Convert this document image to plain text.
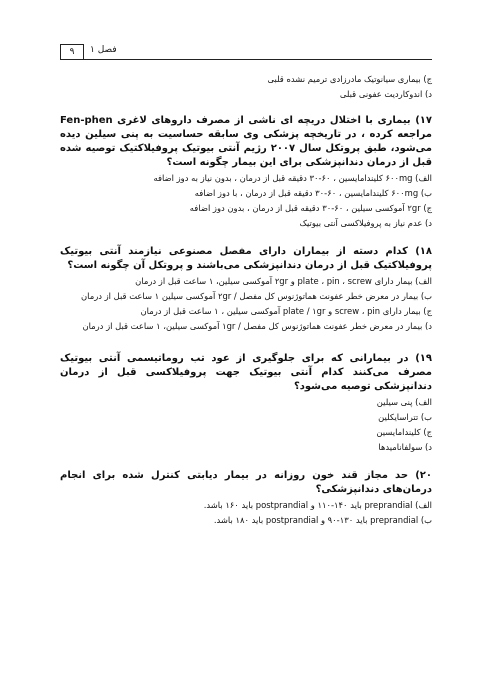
۹	فصل ۱
ج) بیماری سیانوتیک مادرزادی ترمیم نشده قلبی
د) اندوکاردیت عفونی قبلی
۱۷) بیماری با اختلال دریچه ای ناشی از مصرف داروهای لاغری Fen-phen مراجعه کرده ، در تاریخچه پزشکی وی سابقه حساسیت به پنی سیلین دیده می‌شود، طبق پروتکل سال ۲۰۰۷ رژیم آنتی بیوتیک پروفیلاکتیک توصیه شده قبل از درمان دندانپزشکی برای این بیمار چگونه است؟
الف) ۶۰۰mg کلیندامایسین ، ۶۰-۳۰ دقیقه قبل از درمان ، بدون نیاز به دوز اضافه
ب) ۶۰۰mg کلیندامایسین ، ۶۰-۳۰ دقیقه قبل از درمان ، با دوز اضافه
ج) ۲gr آموکسی سیلین ، ۶۰-۳۰ دقیقه قبل از درمان ، بدون دوز اضافه
د) عدم نیاز به پروفیلاکسی آنتی بیوتیک
۱۸) کدام دسته از بیماران دارای مفصل مصنوعی نیازمند آنتی بیوتیک پروفیلاکتیک قبل از درمان دندانپزشکی می‌باشند و پروتکل آن چگونه است؟
الف) بیمار دارای plate ، pin ، screw و ۲gr آموکسی سیلین، ۱ ساعت قبل از درمان
ب) بیمار در معرض خطر عفونت هماتوژنوس کل مفصل / ۲gr آموکسی سیلین ۱ ساعت قبل از درمان
ج) بیمار دارای screw ، pin و plate / ۱gr آموکسی سیلین ، ۱ ساعت قبل از درمان
د) بیمار در معرض خطر عفونت هماتوژنوس کل مفصل / ۱gr آموکسی سیلین، ۱ ساعت قبل از درمان
۱۹) در بیمارانی که برای جلوگیری از عود تب روماتیسمی آنتی بیوتیک مصرف می‌کنند کدام آنتی بیوتیک جهت پروفیلاکسی قبل از درمان دندانپزشکی توصیه می‌شود؟
الف) پنی سیلین
ب) تتراسایکلین
ج) کلیندامایسین
د) سولفانامیدها
۲۰) حد مجاز قند خون روزانه در بیمار دیابتی کنترل شده برای انجام درمان‌های دندانپزشکی؟
الف) preprandial باید ۱۴۰-۱۱۰ و postprandial باید ۱۶۰ باشد.
ب) preprandial باید ۱۳۰-۹۰ و postprandial باید ۱۸۰ باشد.
